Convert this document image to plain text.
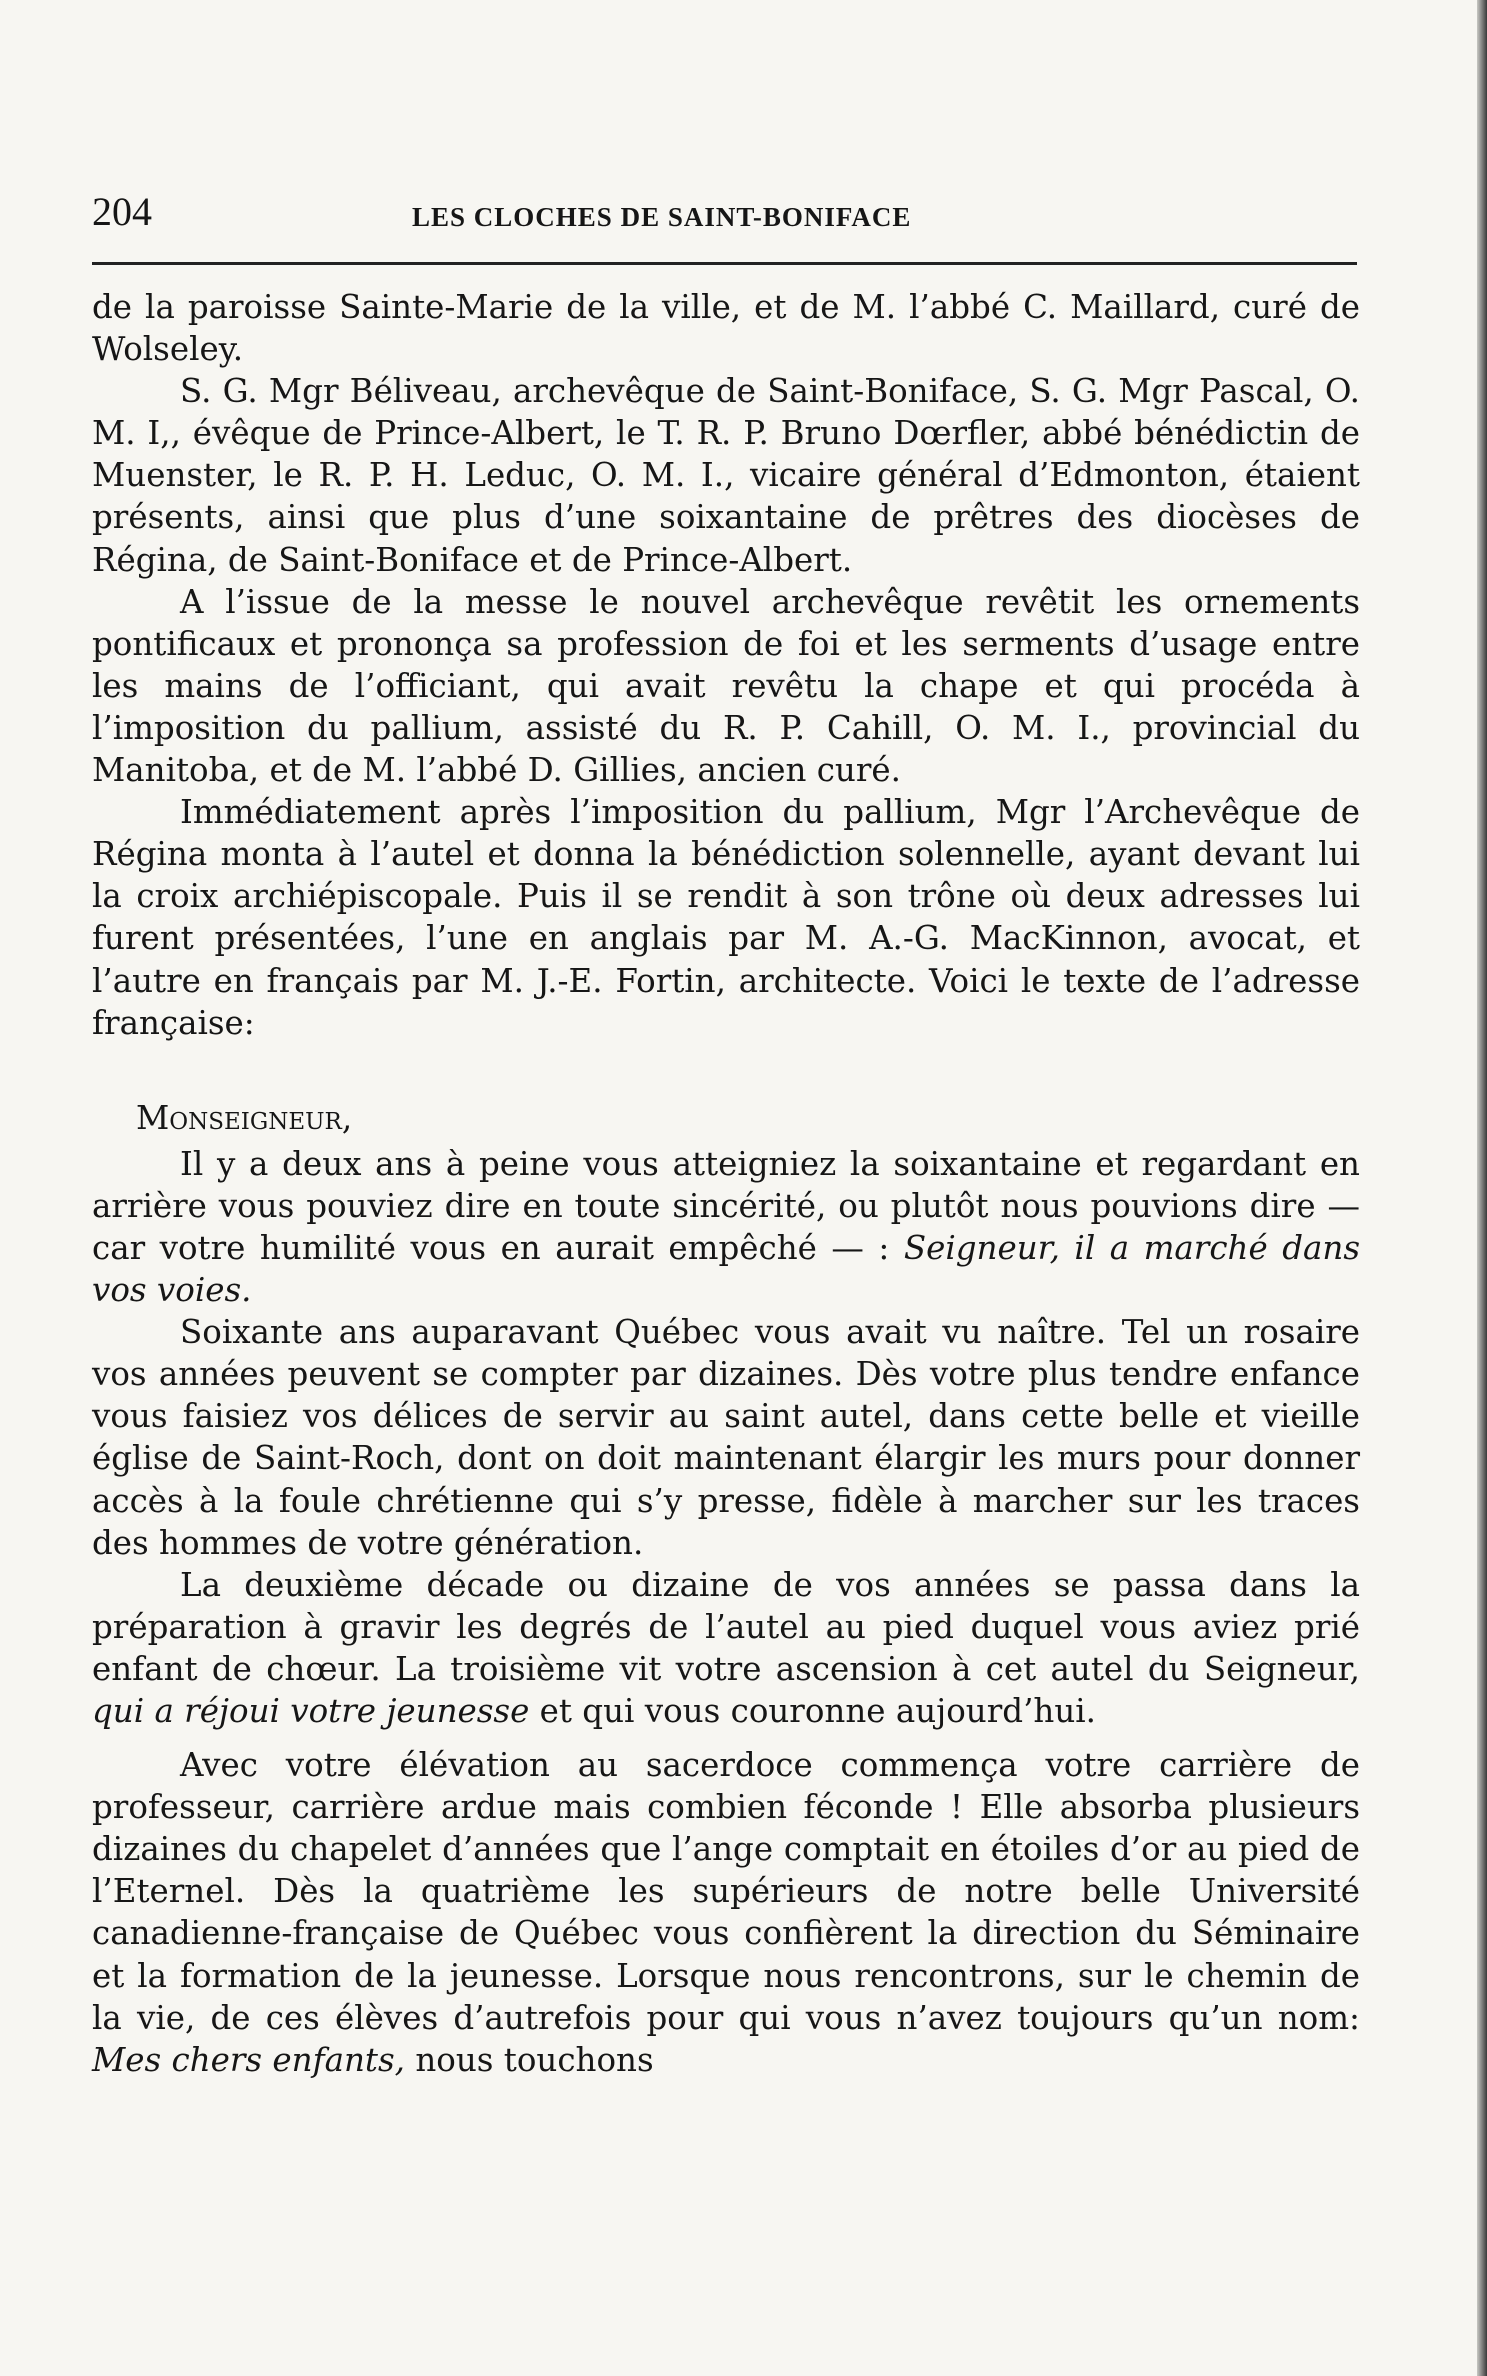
204	LES CLOCHES DE SAINT-BONIFACE

de la paroisse Sainte-Marie de la ville, et de M. l’abbé C. Maillard, curé de Wolseley.

S. G. Mgr Béliveau, archevêque de Saint-Boniface, S. G. Mgr Pascal, O. M. I,, évêque de Prince-Albert, le T. R. P. Bruno Dœrfler, abbé bénédictin de Muenster, le R. P. H. Leduc, O. M. I., vicaire général d’Edmonton, étaient présents, ainsi que plus d’une soixantaine de prêtres des diocèses de Régina, de Saint-Boniface et de Prince-Albert.

A l’issue de la messe le nouvel archevêque revêtit les ornements pontificaux et prononça sa profession de foi et les serments d’usage entre les mains de l’officiant, qui avait revêtu la chape et qui procéda à l’imposition du pallium, assisté du R. P. Cahill, O. M. I., provincial du Manitoba, et de M. l’abbé D. Gillies, ancien curé.

Immédiatement après l’imposition du pallium, Mgr l’Archevêque de Régina monta à l’autel et donna la bénédiction solennelle, ayant devant lui la croix archiépiscopale. Puis il se rendit à son trône où deux adresses lui furent présentées, l’une en anglais par M. A.-G. MacKinnon, avocat, et l’autre en français par M. J.-E. Fortin, architecte. Voici le texte de l’adresse française:

Monseigneur,

Il y a deux ans à peine vous atteigniez la soixantaine et regardant en arrière vous pouviez dire en toute sincérité, ou plutôt nous pouvions dire — car votre humilité vous en aurait empêché — : Seigneur, il a marché dans vos voies.

Soixante ans auparavant Québec vous avait vu naître. Tel un rosaire vos années peuvent se compter par dizaines. Dès votre plus tendre enfance vous faisiez vos délices de servir au saint autel, dans cette belle et vieille église de Saint-Roch, dont on doit maintenant élargir les murs pour donner accès à la foule chrétienne qui s’y presse, fidèle à marcher sur les traces des hommes de votre génération.

La deuxième décade ou dizaine de vos années se passa dans la préparation à gravir les degrés de l’autel au pied duquel vous aviez prié enfant de chœur. La troisième vit votre ascension à cet autel du Seigneur, qui a réjoui votre jeunesse et qui vous couronne aujourd’hui.

Avec votre élévation au sacerdoce commença votre carrière de professeur, carrière ardue mais combien féconde ! Elle absorba plusieurs dizaines du chapelet d’années que l’ange comptait en étoiles d’or au pied de l’Eternel. Dès la quatrième les supérieurs de notre belle Université canadienne-française de Québec vous confièrent la direction du Séminaire et la formation de la jeunesse. Lorsque nous rencontrons, sur le chemin de la vie, de ces élèves d’autrefois pour qui vous n’avez toujours qu’un nom: Mes chers enfants, nous touchons
